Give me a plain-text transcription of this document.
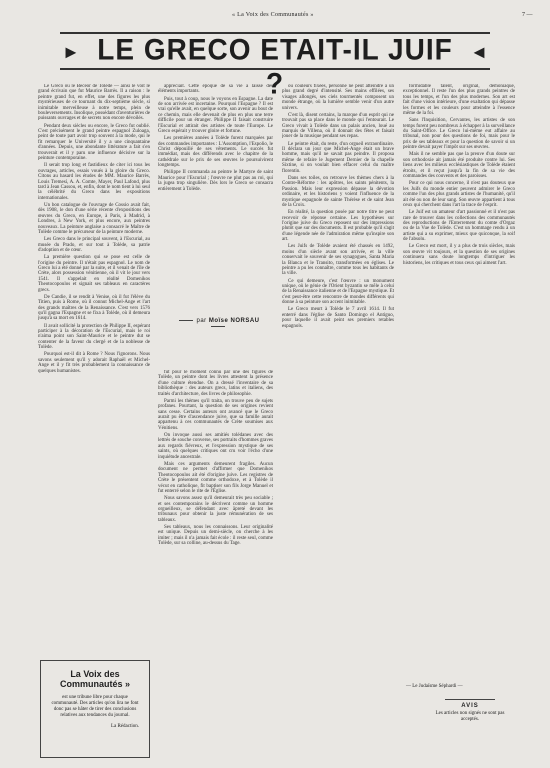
« La Voix des Communautés »	7 —
► LE GRECO ETAIT-IL JUIF ?
◄

Le Greco ou le Beceor de Tolède — ainsi le voit le grand écrivain que fut Maurice Barrès. Il a raison : le peintre grand fut, en effet, une des figures les plus mystérieuses de ce tournant du dix-septième siècle, si inimitable merveilleuse à notre temps, plein de bouleversements. Insolique, possédant d'aventurières de puissants ouvrages et de secrets non encore dévoilés.

Pendant deux siècles ou encore, le Greco fut oublié. C'est précisément le grand peintre espagnol Zuloaga, peint de toute part avoir trop souvent à la mode, qui le fit remarquer le Université il y a une cinquantaine d'années. Depuis, une abondante littérature a fait s'en trouverait et il y paru une influence décisive sur la peinture contemporaine.

Il serait trop long et fastidieux de citer ici tous les ouvrages, articles, essais voués à la gloire du Greco. Citons au hasard les études de MM. Maurice Barrès, Louis Tremesí, A. A. Comte, Mayer, Paul Lafond, plus tard à Jean Cassou, et, enfin, dont le nom tient à lui seul la célébrité du Greco dans les expositions internationales.

Un bon catalogue de l'ouvrage de Cossio avait fait, dès 1908, le don d'une série récente d'expositions des œuvres du Greco, en Europe, à Paris, à Madrid, à Londres, à New York, et plus encore, aux peintres nouveaux. La peinture anglaise a consacré le Maître de Tolède comme le précurseur de la peinture moderne.

Les Greco dans le principal souvent, à l'Escurial, au musée du Prado, et sur tout à Tolède, sa patrie d'adoption et de cœur.

La première question qui se pose est celle de l'origine du peintre. Il n'était pas espagnol. Le nom de Greco lui a été donné par la suite, et il venait de l'île de Crète, alors possession vénitienne, où il vit le jour vers 1541. Il s'appelait en réalité Domenikos Theotocopoulos et signait ses tableaux en caractères grecs.

De Candie, il se rendit à Venise, où il fut l'élève du Titien, puis à Rome, où il connut Michel-Ange et l'art des grands maîtres de la Renaissance. C'est vers 1576 qu'il gagna l'Espagne et se fixa à Tolède, où il demeura jusqu'à sa mort en 1614.

Il avait sollicité la protection de Philippe II, espérant participer à la décoration de l'Escurial, mais le roi n'aima point son Saint-Maurice et le peintre dut se contenter de la faveur du clergé et de la noblesse de Tolède.

Pourquoi est-il dit à Rome ? Nous l'ignorons. Nous savons seulement qu'il y adorait Raphaël et Michel-Ange et il y fit très probablement la connaissance de quelques humanistes.

appréciait. Cette époque de sa vie a laissé des éléments importants.

Puis, tout à coup, nous le voyons en Espagne. La date de son arrivée est incertaine. Pourquoi l'Espagne ? Il est vrai qu'elle avait, en quelque sorte, son avenir au bout de ce chemin, mais elle devenait de plus en plus une terre difficile pour un étranger. Philippe II faisait construire l'Escurial et attirait des artistes de toute l'Europe. Le Greco espérait y trouver gloire et fortune.

Les premières années à Tolède furent marquées par des commandes importantes : L'Assomption, l'Espolio, le Christ dépouillé de ses vêtements. Le succès fut immédiat, mais des différends avec le chapitre de la cathédrale sur le prix de ses œuvres le poursuivirent longtemps.

Philippe II commanda au peintre le Martyre de saint Maurice pour l'Escurial ; l'œuvre ne plut pas au roi, qui la jugea trop singulière. Dès lors le Greco se consacra entièrement à Tolède.

par Moïse NORSAU

fut pour le moment connu par une des figures de Tolède, un peintre dont les livres attestent la présence d'une culture étendue. On a dressé l'inventaire de sa bibliothèque : des auteurs grecs, latins et italiens, des traités d'architecture, des livres de philosophie.

Parmi les thèmes qu'il traita, on trouve peu de sujets profanes. Pourtant, la question de ses origines revient sans cesse. Certains auteurs ont avancé que le Greco aurait pu être d'ascendance juive, que sa famille aurait appartenu à ces communautés de Crète soumises aux Vénitiens.

On invoque aussi ses amitiés tolédanes avec des lettrés de souche converse, ses portraits d'hommes graves aux regards fiévreux, et l'expression mystique de ses saints, où quelques critiques ont cru voir l'écho d'une inquiétude ancestrale.

Mais ces arguments demeurent fragiles. Aucun document ne permet d'affirmer que Domenikos Theotocopoulos ait été d'origine juive. Les registres de Crète le présentent comme orthodoxe, et à Tolède il vécut en catholique, fit baptiser son fils Jorge Manuel et fut enterré selon le rite de l'Église.

Nous savons assez qu'il demeurait très peu sociable ; et ses contemporains le décrivent comme un homme orgueilleux, se défendant avec âpreté devant les tribunaux pour obtenir la juste rémunération de ses tableaux.

Ses tableaux, nous les connaissons. Leur originalité est unique. Depuis un demi-siècle, on cherche à les imiter ; mais il n'a jamais fait école : il reste seul, comme Tolède, sur sa colline, au-dessus du Tage.

ou couleurs fixées, personne ne peut atteindre à un plus grand degré d'intensité. Ses mains effilées, ses visages allongés, ses ciels tourmentés composent un monde étrange, où la lumière semble venir d'un autre univers.

C'est là, disent certains, la marque d'un esprit qui ne trouvait pas sa place dans le monde qui l'entourait. Le Greco vivait à Tolède dans un palais ancien, loué au marquis de Villena, où il donnait des fêtes et faisait jouer de la musique pendant ses repas.

Le peintre était, du reste, d'un orgueil extraordinaire. Il déclara un jour que Michel-Ange était un brave homme, mais qu'il ne savait pas peindre. Il proposa même de refaire le Jugement Dernier de la chapelle Sixtine, si on voulait bien effacer celui du maître florentin.

Dans ses toiles, on retrouve les thèmes chers à la Contre-Réforme : les apôtres, les saints pénitents, la Passion. Mais leur expression dépasse la dévotion ordinaire, et les historiens y voient l'influence de la mystique espagnole de sainte Thérèse et de saint Jean de la Croix.

En réalité, la question posée par notre titre ne peut recevoir de réponse certaine. Les hypothèses sur l'origine juive du Greco reposent sur des impressions plutôt que sur des documents. Il est probable qu'il s'agit d'une légende née de l'admiration même qu'inspire son art.

Les Juifs de Tolède avaient été chassés en 1492, moins d'un siècle avant son arrivée, et la ville conservait le souvenir de ses synagogues, Santa Maria la Blanca et le Transito, transformées en églises. Le peintre a pu les connaître, comme tous les habitants de la ville.

Ce qui demeure, c'est l'œuvre : un monument unique, où le génie de l'Orient byzantin se mêle à celui de la Renaissance italienne et de l'Espagne mystique. Et c'est peut-être cette rencontre de mondes différents qui donne à sa peinture son accent inimitable.

Le Greco meurt à Tolède le 7 avril 1614. Il fut enterré dans l'église de Santo Domingo el Antiguo, pour laquelle il avait peint ses premiers retables espagnols.

formidable talent, original, démoniaque, exceptionnel. Il reste l'un des plus grands peintres de tous les temps, et l'un des plus modernes. Son art est fait d'une vision intérieure, d'une exaltation qui dépasse les formes et les couleurs pour atteindre à l'essence même de la foi.

Sans l'Inquisition, Cervantes, les artistes de son temps furent peu nombreux à échapper à la surveillance du Saint-Office. Le Greco lui-même eut affaire au tribunal, non pour des questions de foi, mais pour le prix de ses tableaux et pour la question de savoir si un peintre devait payer l'impôt sur ses œuvres.

Mais il ne semble pas que la preuve d'un doute sur son orthodoxie ait jamais été produite contre lui. Ses liens avec les milieux ecclésiastiques de Tolède étaient étroits, et il reçut jusqu'à la fin de sa vie des commandes des couvents et des paroisses.

Pour ce qui nous concerne, il n'est pas douteux que les Juifs du monde entier peuvent admirer le Greco comme l'un des plus grands artistes de l'humanité, qu'il ait été ou non de leur sang. Son œuvre appartient à tous ceux qui cherchent dans l'art la trace de l'esprit.

Le Juif est un amateur d'art passionné et il n'est pas rare de trouver dans les collections des communautés des reproductions de l'Enterrement du comte d'Orgaz ou de la Vue de Tolède. C'est un hommage rendu à un artiste qui a su exprimer, mieux que quiconque, la soif de l'absolu.

Le Greco est mort, il y a plus de trois siècles, mais son œuvre vit toujours, et la question de ses origines continuera sans doute longtemps d'intriguer les historiens, les critiques et tous ceux qui aiment l'art.

La Voix des Communautés »
est une tribune libre pour chaque communauté. Des articles qu'on lira ne font donc pas se hâter de tirer des conclusions relatives aux tendances du journal.
La Rédaction.
— Le Judaïsme Séphardi —
AVIS
Les articles non signés ne sont pas acceptés.
